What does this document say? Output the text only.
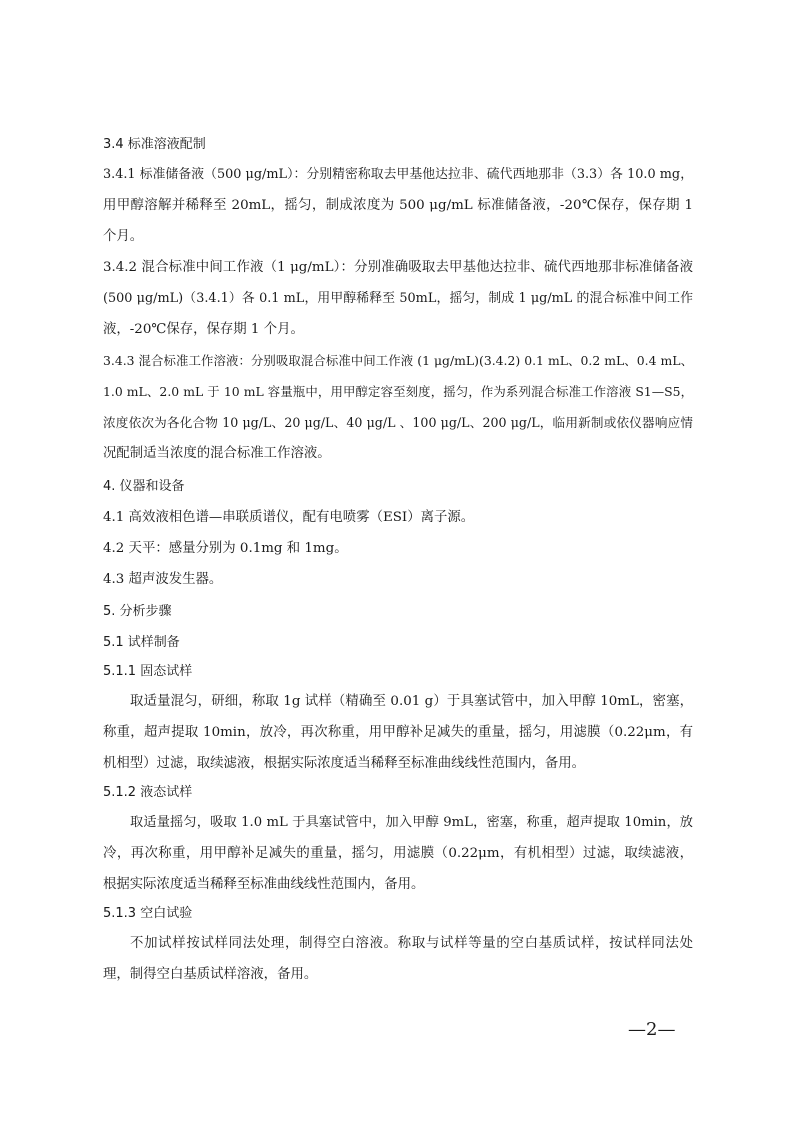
3.4 标准溶液配制
3.4.1 标准储备液（500 μg/mL）：分别精密称取去甲基他达拉非、硫代西地那非（3.3）各 10.0 mg，
用甲醇溶解并稀释至 20mL，摇匀，制成浓度为 500 μg/mL 标准储备液，-20℃保存，保存期 1
个月。
3.4.2 混合标准中间工作液（1 μg/mL）：分别准确吸取去甲基他达拉非、硫代西地那非标准储备液
(500 μg/mL)（3.4.1）各 0.1 mL，用甲醇稀释至 50mL，摇匀，制成 1 μg/mL 的混合标准中间工作
液，-20℃保存，保存期 1 个月。
3.4.3 混合标准工作溶液：分别吸取混合标准中间工作液 (1 μg/mL)(3.4.2) 0.1 mL、0.2 mL、0.4 mL、
1.0 mL、2.0 mL 于 10 mL 容量瓶中，用甲醇定容至刻度，摇匀，作为系列混合标准工作溶液 S1—S5，
浓度依次为各化合物 10 μg/L、20 μg/L、40 μg/L 、100 μg/L、200 μg/L，临用新制或依仪器响应情
况配制适当浓度的混合标准工作溶液。
4. 仪器和设备
4.1 高效液相色谱—串联质谱仪，配有电喷雾（ESI）离子源。
4.2 天平：感量分别为 0.1mg 和 1mg。
4.3 超声波发生器。
5. 分析步骤
5.1 试样制备
5.1.1 固态试样
取适量混匀，研细，称取 1g 试样（精确至 0.01 g）于具塞试管中，加入甲醇 10mL，密塞，
称重，超声提取 10min，放冷，再次称重，用甲醇补足减失的重量，摇匀，用滤膜（0.22μm，有
机相型）过滤，取续滤液，根据实际浓度适当稀释至标准曲线线性范围内，备用。
5.1.2 液态试样
取适量摇匀，吸取 1.0 mL 于具塞试管中，加入甲醇 9mL，密塞，称重，超声提取 10min，放
冷，再次称重，用甲醇补足减失的重量，摇匀，用滤膜（0.22μm，有机相型）过滤，取续滤液，
根据实际浓度适当稀释至标准曲线线性范围内，备用。
5.1.3 空白试验
不加试样按试样同法处理，制得空白溶液。称取与试样等量的空白基质试样，按试样同法处
理，制得空白基质试样溶液，备用。
—2—
